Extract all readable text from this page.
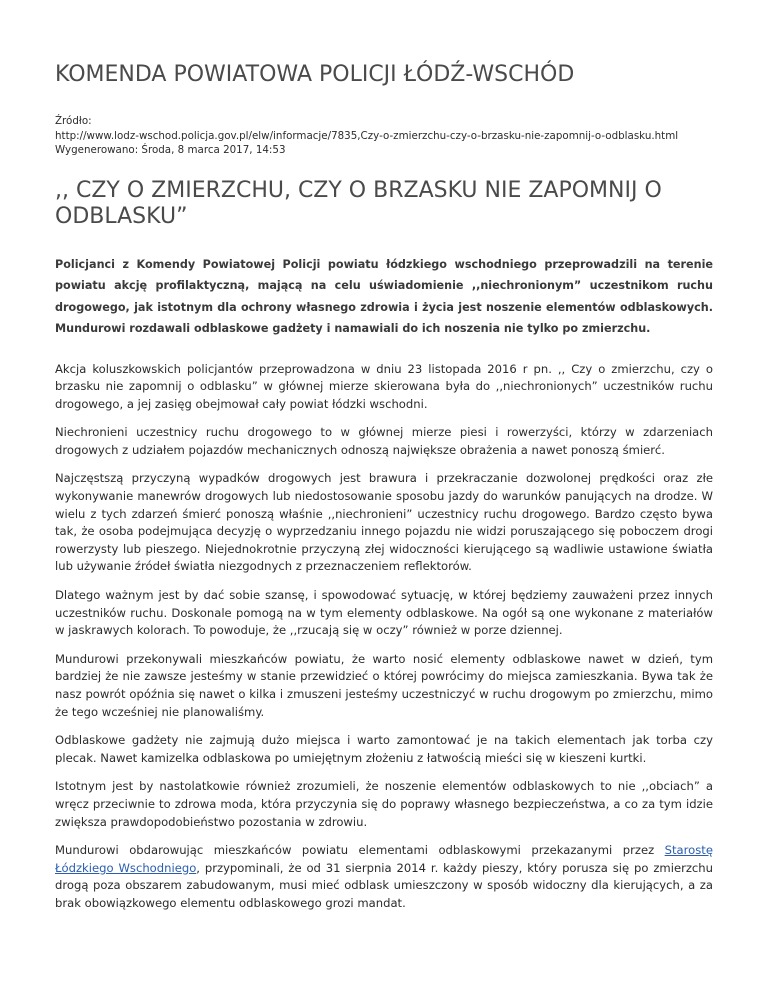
KOMENDA POWIATOWA POLICJI ŁÓDŹ-WSCHÓD
Źródło:
http://www.lodz-wschod.policja.gov.pl/elw/informacje/7835,Czy-o-zmierzchu-czy-o-brzasku-nie-zapomnij-o-odblasku.html
Wygenerowano: Środa, 8 marca 2017, 14:53
,, CZY O ZMIERZCHU, CZY O BRZASKU NIE ZAPOMNIJ O ODBLASKU”

Policjanci z Komendy Powiatowej Policji powiatu łódzkiego wschodniego przeprowadzili na terenie powiatu akcję profilaktyczną, mającą na celu uświadomienie ,,niechronionym” uczestnikom ruchu drogowego, jak istotnym dla ochrony własnego zdrowia i życia jest noszenie elementów odblaskowych. Mundurowi rozdawali odblaskowe gadżety i namawiali do ich noszenia nie tylko po zmierzchu.

Akcja koluszkowskich policjantów przeprowadzona w dniu 23 listopada 2016 r pn. ,, Czy o zmierzchu, czy o brzasku nie zapomnij o odblasku” w głównej mierze skierowana była do ,,niechronionych” uczestników ruchu drogowego, a jej zasięg obejmował cały powiat łódzki wschodni.

Niechronieni uczestnicy ruchu drogowego to w głównej mierze piesi i rowerzyści, którzy w zdarzeniach drogowych z udziałem pojazdów mechanicznych odnoszą największe obrażenia a nawet ponoszą śmierć.

Najczęstszą przyczyną wypadków drogowych jest brawura i przekraczanie dozwolonej prędkości oraz złe wykonywanie manewrów drogowych lub niedostosowanie sposobu jazdy do warunków panujących na drodze. W wielu z tych zdarzeń śmierć ponoszą właśnie ,,niechronieni” uczestnicy ruchu drogowego. Bardzo często bywa tak, że osoba podejmująca decyzję o wyprzedzaniu innego pojazdu nie widzi poruszającego się poboczem drogi rowerzysty lub pieszego. Niejednokrotnie przyczyną złej widoczności kierującego są wadliwie ustawione światła lub używanie źródeł światła niezgodnych z przeznaczeniem reflektorów.

Dlatego ważnym jest by dać sobie szansę, i spowodować sytuację, w której będziemy zauważeni przez innych uczestników ruchu. Doskonale pomogą na w tym elementy odblaskowe. Na ogół są one wykonane z materiałów w jaskrawych kolorach. To powoduje, że ,,rzucają się w oczy” również w porze dziennej.

Mundurowi przekonywali mieszkańców powiatu, że warto nosić elementy odblaskowe nawet w dzień, tym bardziej że nie zawsze jesteśmy w stanie przewidzieć o której powrócimy do miejsca zamieszkania. Bywa tak że nasz powrót opóźnia się nawet o kilka i zmuszeni jesteśmy uczestniczyć w ruchu drogowym po zmierzchu, mimo że tego wcześniej nie planowaliśmy.

Odblaskowe gadżety nie zajmują dużo miejsca i warto zamontować je na takich elementach jak torba czy plecak. Nawet kamizelka odblaskowa po umiejętnym złożeniu z łatwością mieści się w kieszeni kurtki.

Istotnym jest by nastolatkowie również zrozumieli, że noszenie elementów odblaskowych to nie ,,obciach” a wręcz przeciwnie to zdrowa moda, która przyczynia się do poprawy własnego bezpieczeństwa, a co za tym idzie zwiększa prawdopodobieństwo pozostania w zdrowiu.

Mundurowi obdarowując mieszkańców powiatu elementami odblaskowymi przekazanymi przez Starostę Łódzkiego Wschodniego, przypominali, że od 31 sierpnia 2014 r. każdy pieszy, który porusza się po zmierzchu drogą poza obszarem zabudowanym, musi mieć odblask umieszczony w sposób widoczny dla kierujących, a za brak obowiązkowego elementu odblaskowego grozi mandat.
